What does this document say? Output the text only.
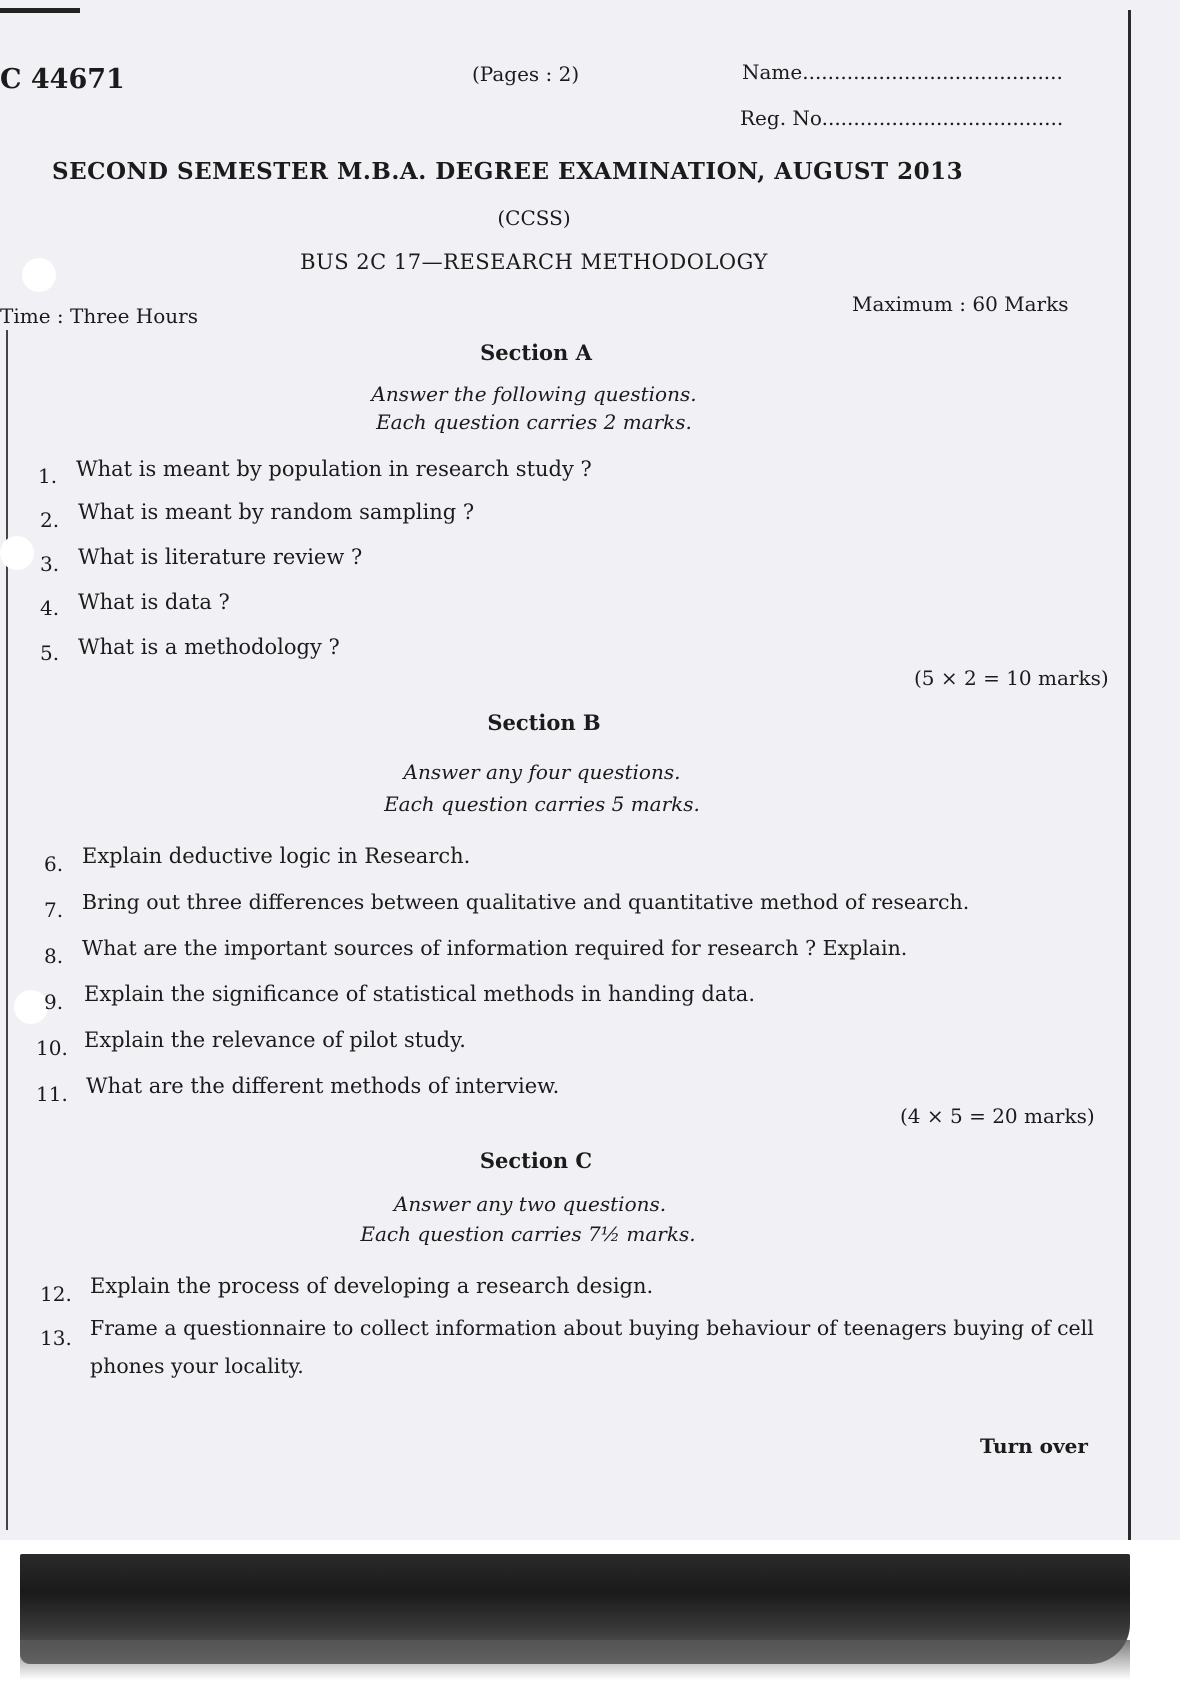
C 44671	(Pages : 2)	Name.........................................
Reg. No......................................
SECOND SEMESTER M.B.A. DEGREE EXAMINATION, AUGUST 2013
(CCSS)
BUS 2C 17—RESEARCH METHODOLOGY
Time : Three Hours	Maximum : 60 Marks
Section A
Answer the following questions.
Each question carries 2 marks.
1. What is meant by population in research study ?
2. What is meant by random sampling ?
3. What is literature review ?
4. What is data ?
5. What is a methodology ?
(5 × 2 = 10 marks)
Section B
Answer any four questions.
Each question carries 5 marks.
6. Explain deductive logic in Research.
7. Bring out three differences between qualitative and quantitative method of research.
8. What are the important sources of information required for research ? Explain.
9. Explain the significance of statistical methods in handing data.
10. Explain the relevance of pilot study.
11. What are the different methods of interview.
(4 × 5 = 20 marks)
Section C
Answer any two questions.
Each question carries 7½ marks.
12. Explain the process of developing a research design.
13. Frame a questionnaire to collect information about buying behaviour of teenagers buying of cell
phones your locality.
Turn over
